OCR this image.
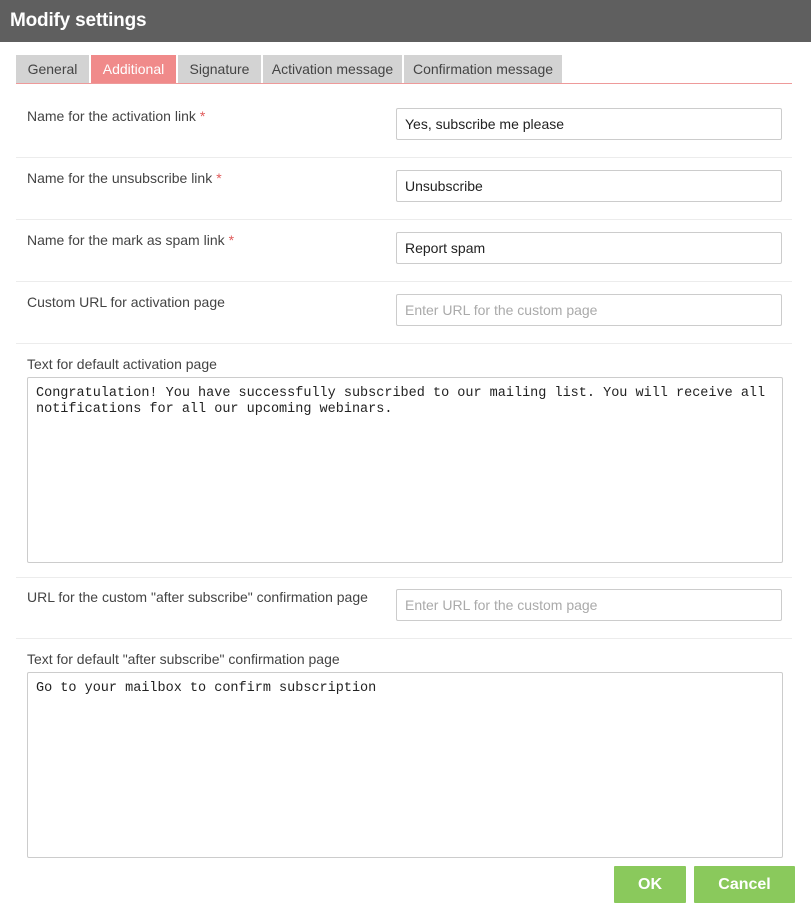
Modify settings
General	Additional	Signature	Activation message	Confirmation message
Name for the activation link *
Yes, subscribe me please
Name for the unsubscribe link *
Unsubscribe
Name for the mark as spam link *
Report spam
Custom URL for activation page
Enter URL for the custom page
Text for default activation page
Congratulation! You have successfully subscribed to our mailing list. You will receive all notifications for all our upcoming webinars.
URL for the custom "after subscribe" confirmation page
Enter URL for the custom page
Text for default "after subscribe" confirmation page
Go to your mailbox to confirm subscription
OK	Cancel
